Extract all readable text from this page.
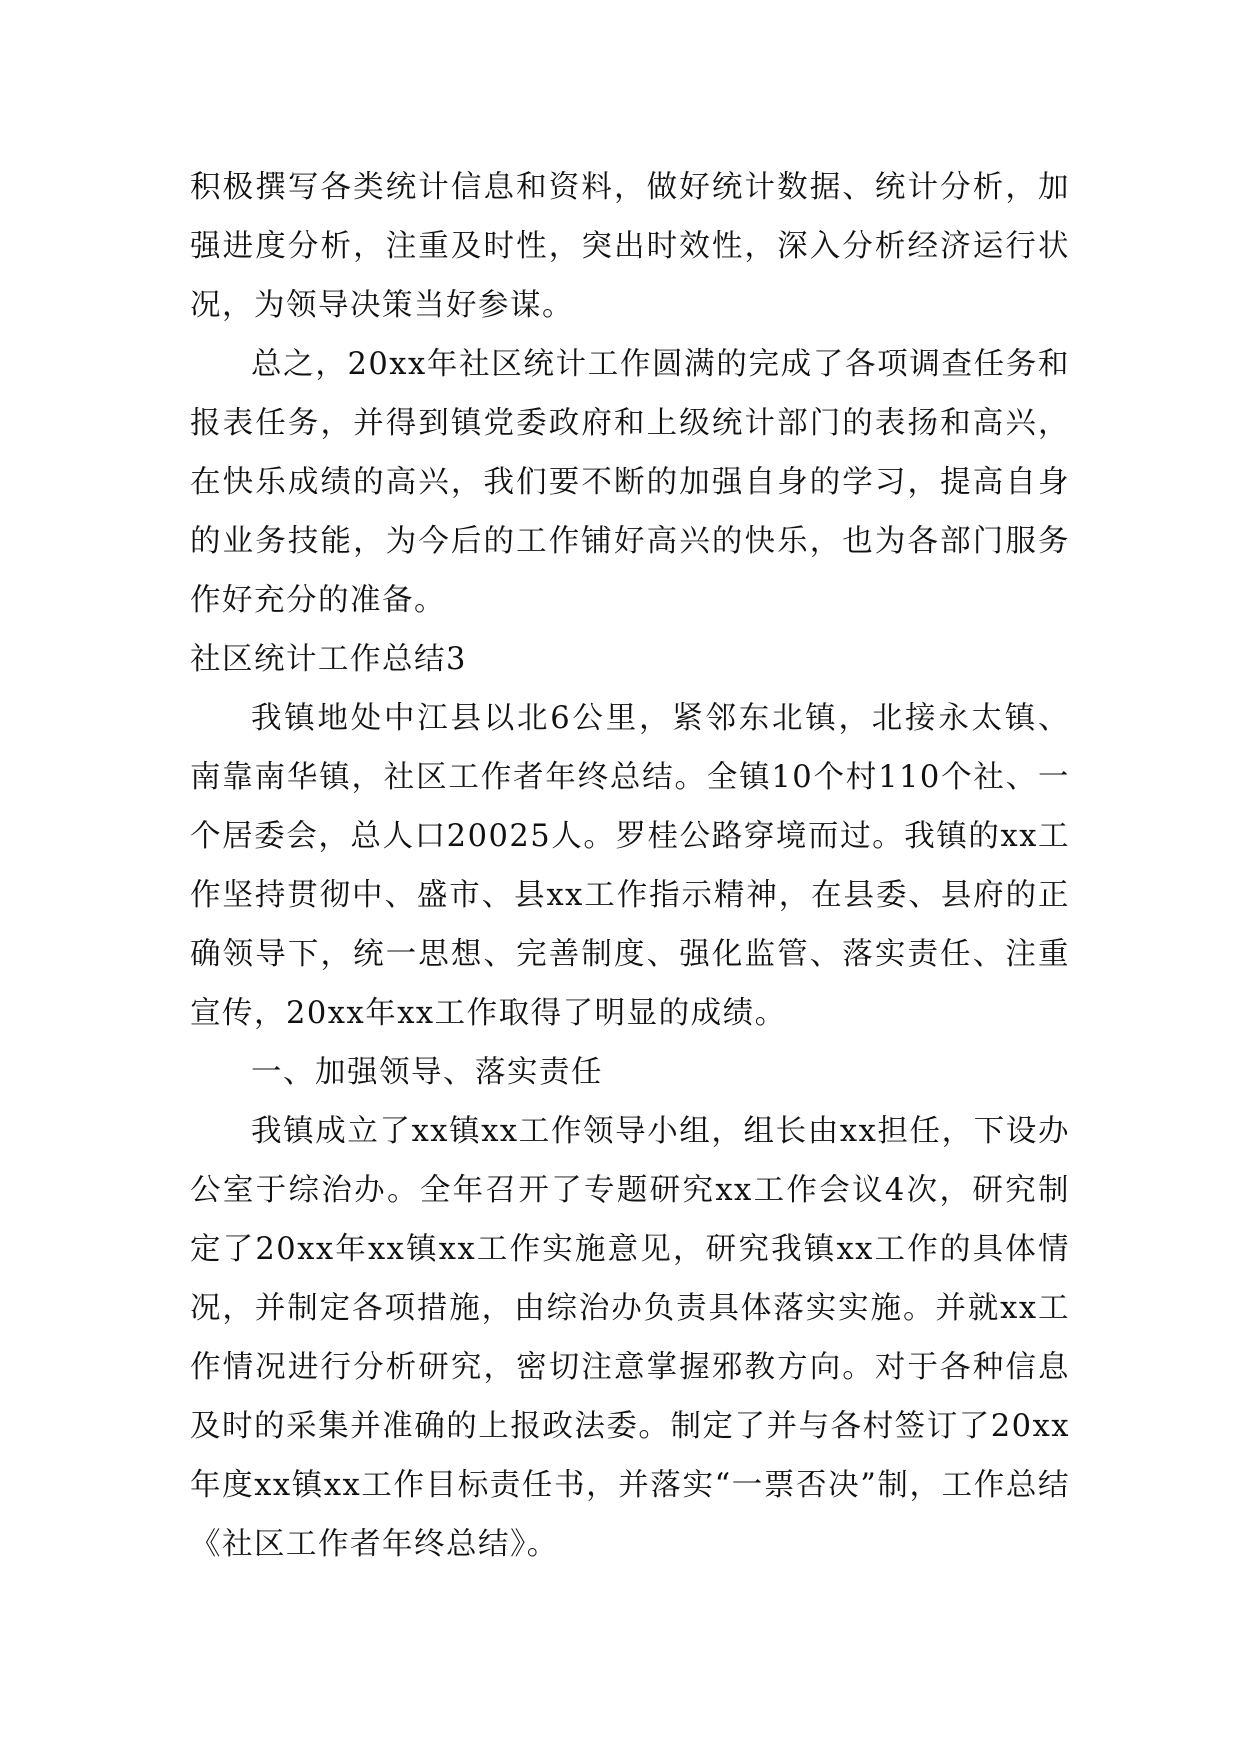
积极撰写各类统计信息和资料，做好统计数据、统计分析，加强进度分析，注重及时性，突出时效性，深入分析经济运行状况，为领导决策当好参谋。

总之，20xx年社区统计工作圆满的完成了各项调查任务和报表任务，并得到镇党委政府和上级统计部门的表扬和高兴，在快乐成绩的高兴，我们要不断的加强自身的学习，提高自身的业务技能，为今后的工作铺好高兴的快乐，也为各部门服务作好充分的准备。

社区统计工作总结3

我镇地处中江县以北6公里，紧邻东北镇，北接永太镇、南靠南华镇，社区工作者年终总结。全镇10个村110个社、一个居委会，总人口20025人。罗桂公路穿境而过。我镇的xx工作坚持贯彻中、盛市、县xx工作指示精神，在县委、县府的正确领导下，统一思想、完善制度、强化监管、落实责任、注重宣传，20xx年xx工作取得了明显的成绩。

一、加强领导、落实责任

我镇成立了xx镇xx工作领导小组，组长由xx担任，下设办公室于综治办。全年召开了专题研究xx工作会议4次，研究制定了20xx年xx镇xx工作实施意见，研究我镇xx工作的具体情况，并制定各项措施，由综治办负责具体落实实施。并就xx工作情况进行分析研究，密切注意掌握邪教方向。对于各种信息及时的采集并准确的上报政法委。制定了并与各村签订了20xx年度xx镇xx工作目标责任书，并落实“一票否决”制，工作总结《社区工作者年终总结》。
